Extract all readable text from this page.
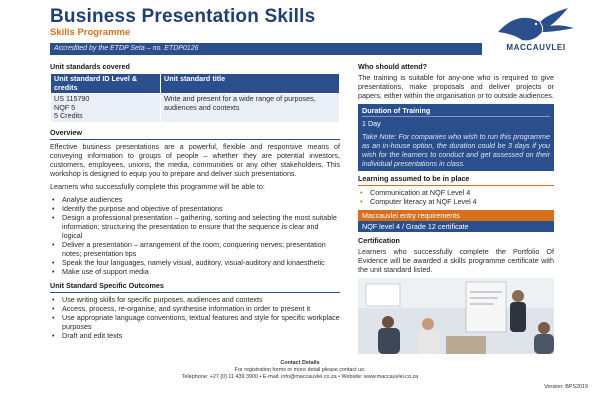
Business Presentation Skills
Skills Programme
MACCAUVLEI
Accredited by the ETDP Seta – no. ETDP0126
Unit standards covered
Unit standard ID Level & credits	Unit standard title
US 115790
NQF 5
5 Credits	Write and present for a wide range of purposes, audiences and contexts
Overview

Effective business presentations are a powerful, flexible and responsive means of conveying information to groups of people – whether they are potential investors, customers, employees, unions, the media, communities or any other stakeholders. This workshop is designed to equip you to prepare and deliver such presentations.

Learners who successfully complete this programme will be able to:

• Analyse audiences
• Identify the purpose and objective of presentations
• Design a professional presentation – gathering, sorting and selecting the most suitable information; structuring the presentation to ensure that the sequence is clear and logical
• Deliver a presentation – arrangement of the room; conquering nerves; presentation notes; presentation tips
• Speak the four languages, namely visual, auditory, visual-auditory and kinaesthetic
• Make use of support media
Unit Standard Specific Outcomes
• Use writing skills for specific purposes, audiences and contexts
• Access, process, re-organise, and synthesise information in order to present it
• Use appropriate language conventions, textual features and style for specific workplace purposes
• Draft and edit texts
Who should attend?

The training is suitable for any-one who is required to give presentations, make proposals and deliver projects or papers, either within the organisation or to outside audiences.

Duration of Training
1 Day
Take Note: For companies who wish to run this programme as an in-house option, the duration could be 3 days if you wish for the learners to conduct and get assessed on their individual presentations in class.
Learning assumed to be in place
• Communication at NQF Level 4
• Computer literacy at NQF Level 4
Maccauvlei entry requirements
NQF level 4 / Grade 12 certificate
Certification

Learners who successfully complete the Portfolio Of Evidence will be awarded a skills programme certificate with the unit standard listed.

Contact Details
For registration forms or more detail please contact us:
Telephone: +27 (0) 11 439 3900 • E-mail: info@maccauvlei.co.za • Website: www.maccauvlei.co.za
Version: BPS2019
